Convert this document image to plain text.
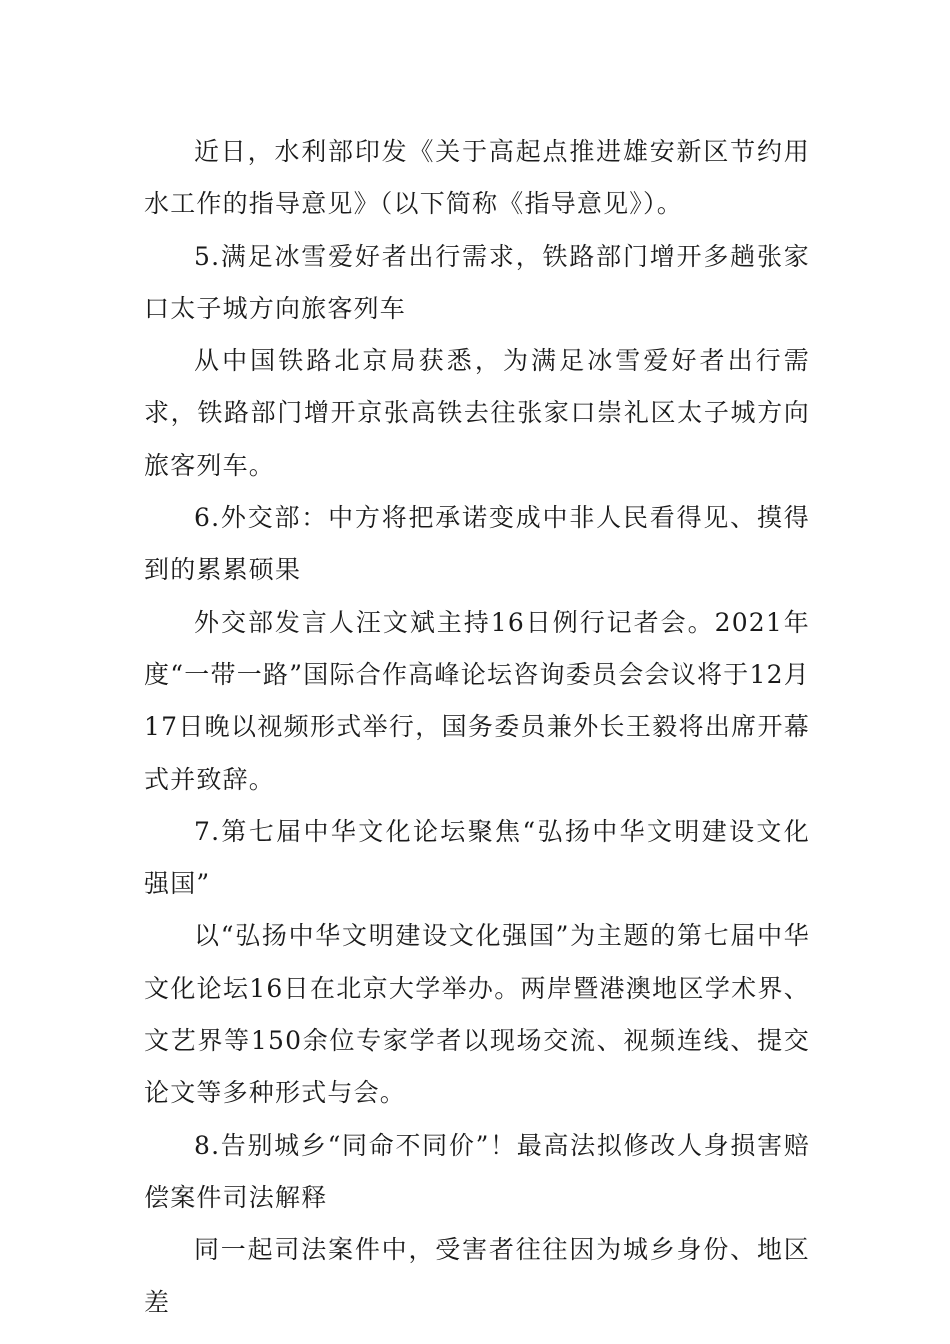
近日，水利部印发《关于高起点推进雄安新区节约用水工作的指导意见》（以下简称《指导意见》）。

5.满足冰雪爱好者出行需求，铁路部门增开多趟张家口太子城方向旅客列车

从中国铁路北京局获悉，为满足冰雪爱好者出行需求，铁路部门增开京张高铁去往张家口崇礼区太子城方向旅客列车。

6.外交部：中方将把承诺变成中非人民看得见、摸得到的累累硕果

外交部发言人汪文斌主持16日例行记者会。2021年度“一带一路”国际合作高峰论坛咨询委员会会议将于12月17日晚以视频形式举行，国务委员兼外长王毅将出席开幕式并致辞。

7.第七届中华文化论坛聚焦“弘扬中华文明建设文化强国”

以“弘扬中华文明建设文化强国”为主题的第七届中华文化论坛16日在北京大学举办。两岸暨港澳地区学术界、文艺界等150余位专家学者以现场交流、视频连线、提交论文等多种形式与会。

8.告别城乡“同命不同价”！最高法拟修改人身损害赔偿案件司法解释

同一起司法案件中，受害者往往因为城乡身份、地区差
